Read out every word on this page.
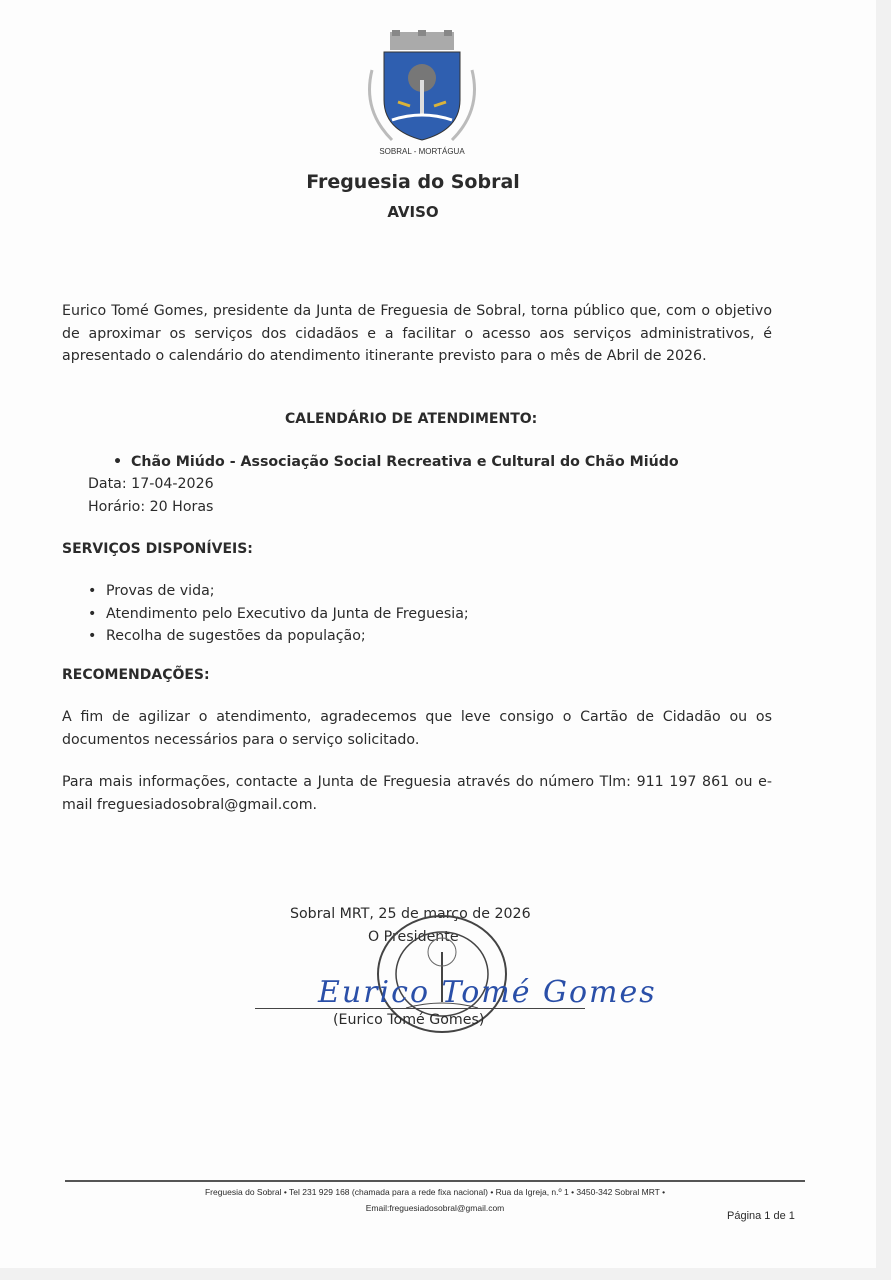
SOBRAL - MORTÁGUA
Freguesia do Sobral
AVISO
Eurico Tomé Gomes, presidente da Junta de Freguesia de Sobral, torna público que, com o objetivo de aproximar os serviços dos cidadãos e a facilitar o acesso aos serviços administrativos, é apresentado o calendário do atendimento itinerante previsto para o mês de Abril de 2026.
CALENDÁRIO DE ATENDIMENTO:
• Chão Miúdo - Associação Social Recreativa e Cultural do Chão Miúdo
Data: 17-04-2026
Horário: 20 Horas
SERVIÇOS DISPONÍVEIS:
• Provas de vida;
• Atendimento pelo Executivo da Junta de Freguesia;
• Recolha de sugestões da população;
RECOMENDAÇÕES:
A fim de agilizar o atendimento, agradecemos que leve consigo o Cartão de Cidadão ou os documentos necessários para o serviço solicitado.
Para mais informações, contacte a Junta de Freguesia através do número Tlm: 911 197 861 ou e-mail freguesiadosobral@gmail.com.
Sobral MRT, 25 de março de 2026
O Presidente
Eurico Tomé Gomes
(Eurico Tomé Gomes)
Freguesia do Sobral • Tel 231 929 168 (chamada para a rede fixa nacional) • Rua da Igreja, n.º 1 • 3450-342 Sobral MRT •
Email:freguesiadosobral@gmail.com
Página 1 de 1
